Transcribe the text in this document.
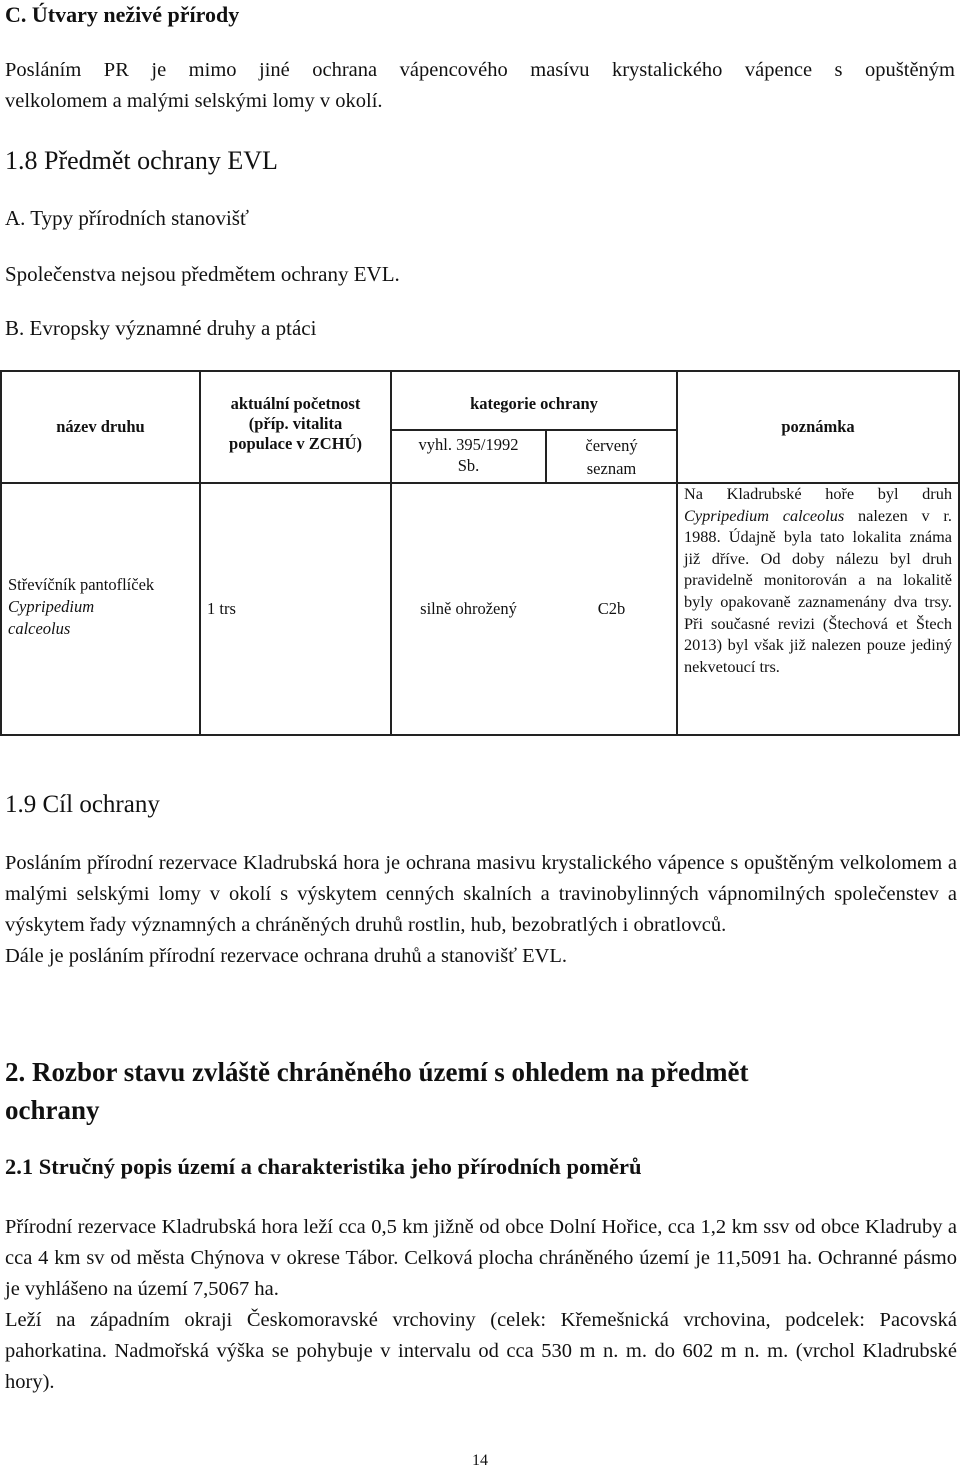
C. Útvary neživé přírody

Posláním PR je mimo jiné ochrana vápencového masívu krystalického vápence s opuštěným

velkolomem a malými selskými lomy v okolí.

1.8 Předmět ochrany EVL
A. Typy přírodních stanovišť
Společenstva nejsou předmětem ochrany EVL.
B. Evropsky významné druhy a ptáci
název druhu
aktuální početnost
(příp. vitalita
populace v ZCHÚ)
kategorie ochrany
vyhl. 395/1992
Sb.
červený
seznam
poznámka
Střevíčník pantoflíček
Cypripedium
calceolus
1 trs	silně ohrožený	C2b

Na Kladrubské hoře byl druh Cypripedium calceolus nalezen v r. 1988. Údajně byla tato lokalita známa již dříve. Od doby nálezu byl druh pravidelně monitorován a na lokalitě byly opakovaně zaznamenány dva trsy. Při současné revizi (Štechová et Štech 2013) byl však již nalezen pouze jediný nekvetoucí trs.

1.9 Cíl ochrany

Posláním přírodní rezervace Kladrubská hora je ochrana masivu krystalického vápence s opuštěným velkolomem a malými selskými lomy v okolí s výskytem cenných skalních a travinobylinných vápnomilných společenstev a výskytem řady významných a chráněných druhů rostlin, hub, bezobratlých i obratlovců.

Dále je posláním přírodní rezervace ochrana druhů a stanovišť EVL.

2. Rozbor stavu zvláště chráněného území s ohledem na předmět
ochrany
2.1 Stručný popis území a charakteristika jeho přírodních poměrů

Přírodní rezervace Kladrubská hora leží cca 0,5 km jižně od obce Dolní Hořice, cca 1,2 km ssv od obce Kladruby a cca 4 km sv od města Chýnova v okrese Tábor. Celková plocha chráněného území je 11,5091 ha. Ochranné pásmo je vyhlášeno na území 7,5067 ha.

Leží na západním okraji Českomoravské vrchoviny (celek: Křemešnická vrchovina, podcelek: Pacovská pahorkatina. Nadmořská výška se pohybuje v intervalu od cca 530 m n. m. do 602 m n. m. (vrchol Kladrubské hory).

14
